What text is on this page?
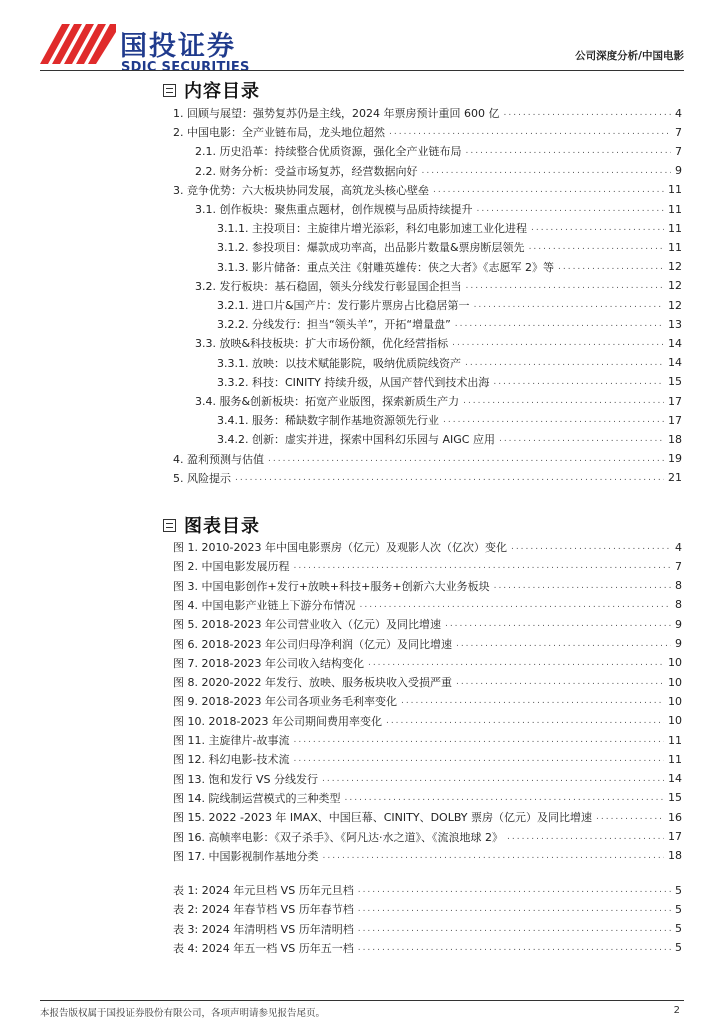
国投证券
SDIC SECURITIES
公司深度分析/中国电影
内容目录
1. 回顾与展望：强势复苏仍是主线，2024 年票房预计重回 600 亿 .....	4
2. 中国电影：全产业链布局，龙头地位超然 .....	7
2.1. 历史沿革：持续整合优质资源，强化全产业链布局 .....	7
2.2. 财务分析：受益市场复苏，经营数据向好 .....	9
3. 竞争优势：六大板块协同发展，高筑龙头核心壁垒 .....	11
3.1. 创作板块：聚焦重点题材，创作规模与品质持续提升 .....	11
3.1.1. 主投项目：主旋律片增光添彩，科幻电影加速工业化进程 .....	11
3.1.2. 参投项目：爆款成功率高，出品影片数量&票房断层领先 .....	11
3.1.3. 影片储备：重点关注《射雕英雄传：侠之大者》《志愿军 2》等 .....	12
3.2. 发行板块：基石稳固，领头分线发行彰显国企担当 .....	12
3.2.1. 进口片&国产片：发行影片票房占比稳居第一 .....	12
3.2.2. 分线发行：担当“领头羊”，开拓“增量盘” .....	13
3.3. 放映&科技板块：扩大市场份额，优化经营指标 .....	14
3.3.1. 放映：以技术赋能影院，吸纳优质院线资产 .....	14
3.3.2. 科技：CINITY 持续升级，从国产替代到技术出海 .....	15
3.4. 服务&创新板块：拓宽产业版图，探索新质生产力 .....	17
3.4.1. 服务：稀缺数字制作基地资源领先行业 .....	17
3.4.2. 创新：虚实并进，探索中国科幻乐园与 AIGC 应用 .....	18
4. 盈利预测与估值 .....	19
5. 风险提示 .....	21
图表目录
图 1. 2010-2023 年中国电影票房（亿元）及观影人次（亿次）变化 .....	4
图 2. 中国电影发展历程 .....	7
图 3. 中国电影创作+发行+放映+科技+服务+创新六大业务板块 .....	8
图 4. 中国电影产业链上下游分布情况 .....	8
图 5. 2018-2023 年公司营业收入（亿元）及同比增速 .....	9
图 6. 2018-2023 年公司归母净利润（亿元）及同比增速 .....	9
图 7. 2018-2023 年公司收入结构变化 .....	10
图 8. 2020-2022 年发行、放映、服务板块收入受损严重 .....	10
图 9. 2018-2023 年公司各项业务毛利率变化 .....	10
图 10. 2018-2023 年公司期间费用率变化 .....	10
图 11. 主旋律片-故事流 .....	11
图 12. 科幻电影-技术流 .....	11
图 13. 饱和发行 VS 分线发行 .....	14
图 14. 院线制运营模式的三种类型 .....	15
图 15. 2022 -2023 年 IMAX、中国巨幕、CINITY、DOLBY 票房（亿元）及同比增速 .....	16
图 16. 高帧率电影：《双子杀手》、《阿凡达·水之道》、《流浪地球 2》 .....	17
图 17. 中国影视制作基地分类 .....	18
表 1: 2024 年元旦档 VS 历年元旦档 .....	5
表 2: 2024 年春节档 VS 历年春节档 .....	5
表 3: 2024 年清明档 VS 历年清明档 .....	5
表 4: 2024 年五一档 VS 历年五一档 .....	5
本报告版权属于国投证券股份有限公司，各项声明请参见报告尾页。	2
